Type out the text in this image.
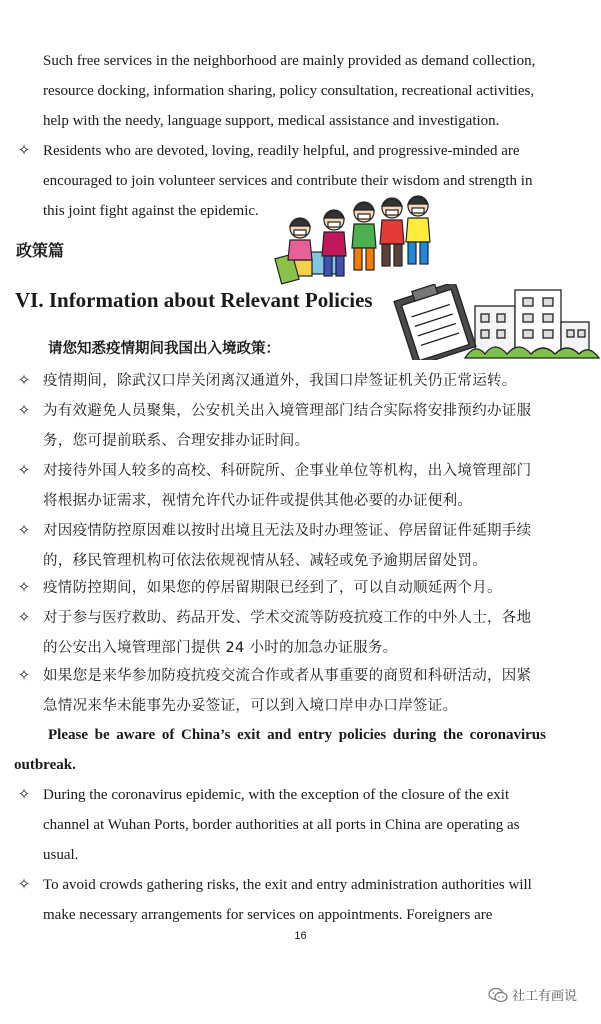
Such free services in the neighborhood are mainly provided as demand collection,
resource docking, information sharing, policy consultation, recreational activities,
help with the needy, language support, medical assistance and investigation.

✧ Residents who are devoted, loving, readily helpful, and progressive-minded are
encouraged to join volunteer services and contribute their wisdom and strength in
this joint fight against the epidemic.

政策篇
VI. Information about Relevant Policies
请您知悉疫情期间我国出入境政策：
✧ 疫情期间，除武汉口岸关闭离汉通道外，我国口岸签证机关仍正常运转。
✧ 为有效避免人员聚集，公安机关出入境管理部门结合实际将安排预约办证服
务，您可提前联系、合理安排办证时间。
✧ 对接待外国人较多的高校、科研院所、企事业单位等机构，出入境管理部门
将根据办证需求，视情允许代办证件或提供其他必要的办证便利。
✧ 对因疫情防控原因难以按时出境且无法及时办理签证、停居留证件延期手续
的，移民管理机构可依法依规视情从轻、减轻或免予逾期居留处罚。
✧ 疫情防控期间，如果您的停居留期限已经到了，可以自动顺延两个月。
✧ 对于参与医疗救助、药品开发、学术交流等防疫抗疫工作的中外人士，各地
的公安出入境管理部门提供 24 小时的加急办证服务。
✧ 如果您是来华参加防疫抗疫交流合作或者从事重要的商贸和科研活动，因紧
急情况来华未能事先办妥签证，可以到入境口岸申办口岸签证。

Please be aware of China’s exit and entry policies during the coronavirus outbreak.

✧ During the coronavirus epidemic, with the exception of the closure of the exit
channel at Wuhan Ports, border authorities at all ports in China are operating as
usual.

✧ To avoid crowds gathering risks, the exit and entry administration authorities will
make necessary arrangements for services on appointments. Foreigners are

16
社工有画说
